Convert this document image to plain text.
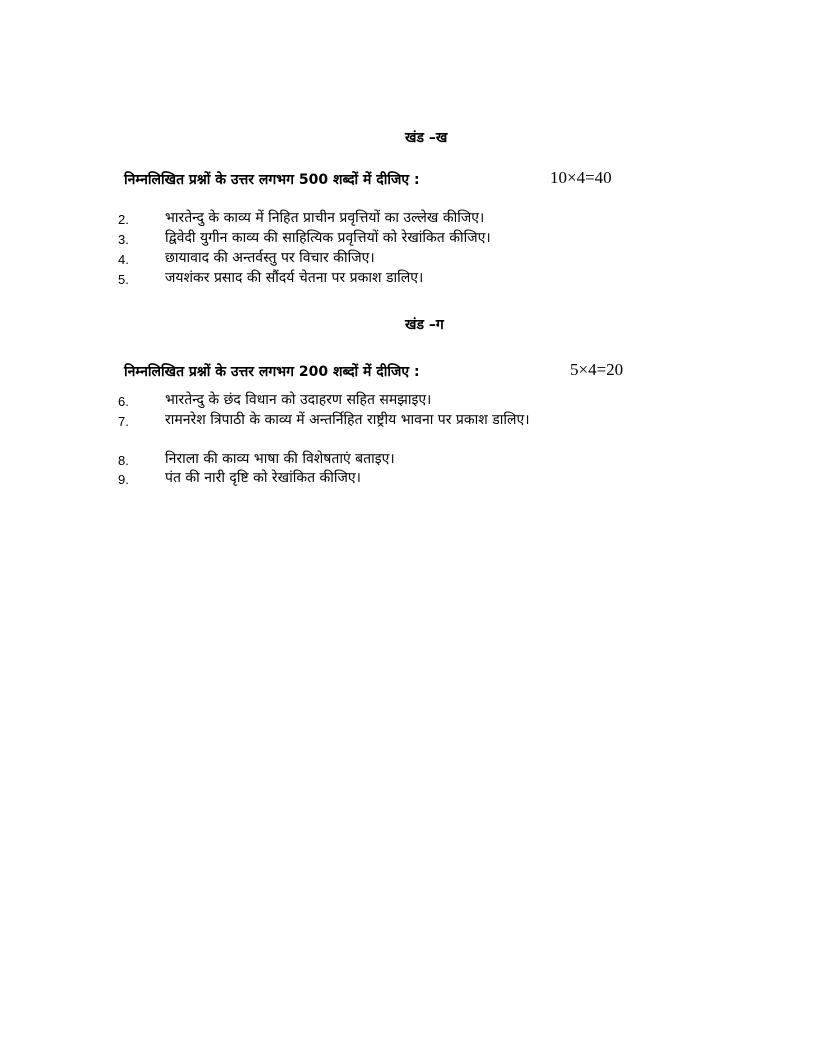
खंड –ख
निम्नलिखित प्रश्नों के उत्तर लगभग 500 शब्दों में दीजिए :	10×4=40
2.	भारतेन्दु के काव्य में निहित प्राचीन प्रवृत्तियों का उल्लेख कीजिए।
3.	द्विवेदी युगीन काव्य की साहित्यिक प्रवृत्तियों को रेखांकित कीजिए।
4.	छायावाद की अन्तर्वस्तु पर विचार कीजिए।
5.	जयशंकर प्रसाद की सौंदर्य चेतना पर प्रकाश डालिए।
खंड –ग
निम्नलिखित प्रश्नों के उत्तर लगभग 200 शब्दों में दीजिए :	5×4=20
6.	भारतेन्दु के छंद विधान को उदाहरण सहित समझाइए।
7.	रामनरेश त्रिपाठी के काव्य में अन्तर्निहित राष्ट्रीय भावना पर प्रकाश डालिए।
8.	निराला की काव्य भाषा की विशेषताएं बताइए।
9.	पंत की नारी दृष्टि को रेखांकित कीजिए।
